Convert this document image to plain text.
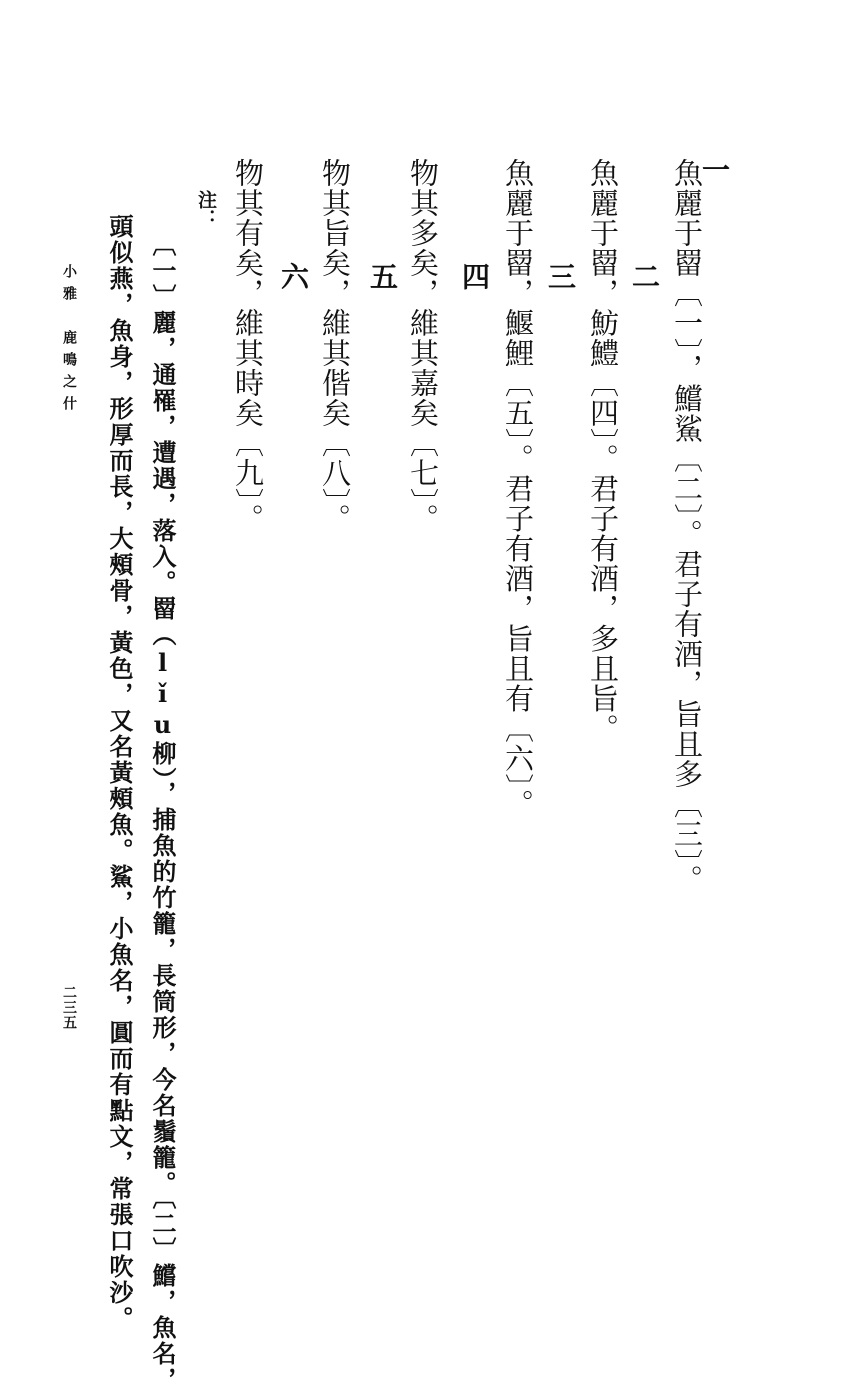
一
魚麗于罶〔一〕，鱨鯊〔二〕。君子有酒，旨且多〔三〕。
二
魚麗于罶，魴鱧〔四〕。君子有酒，多且旨。
三
魚麗于罶，鰋鯉〔五〕。君子有酒，旨且有〔六〕。
四
物其多矣，維其嘉矣〔七〕。
五
物其旨矣，維其偕矣〔八〕。
六
物其有矣，維其時矣〔九〕。
注：
〔一〕麗，通罹，遭遇，落入。罶（lǐu柳），捕魚的竹籠，長筒形，今名鬚籠。〔二〕鱨，魚名，
頭似燕，魚身，形厚而長，大頰骨，黃色，又名黃頰魚。鯊，小魚名，圓而有點文，常張口吹沙。
小雅　鹿鳴之什
二三五
